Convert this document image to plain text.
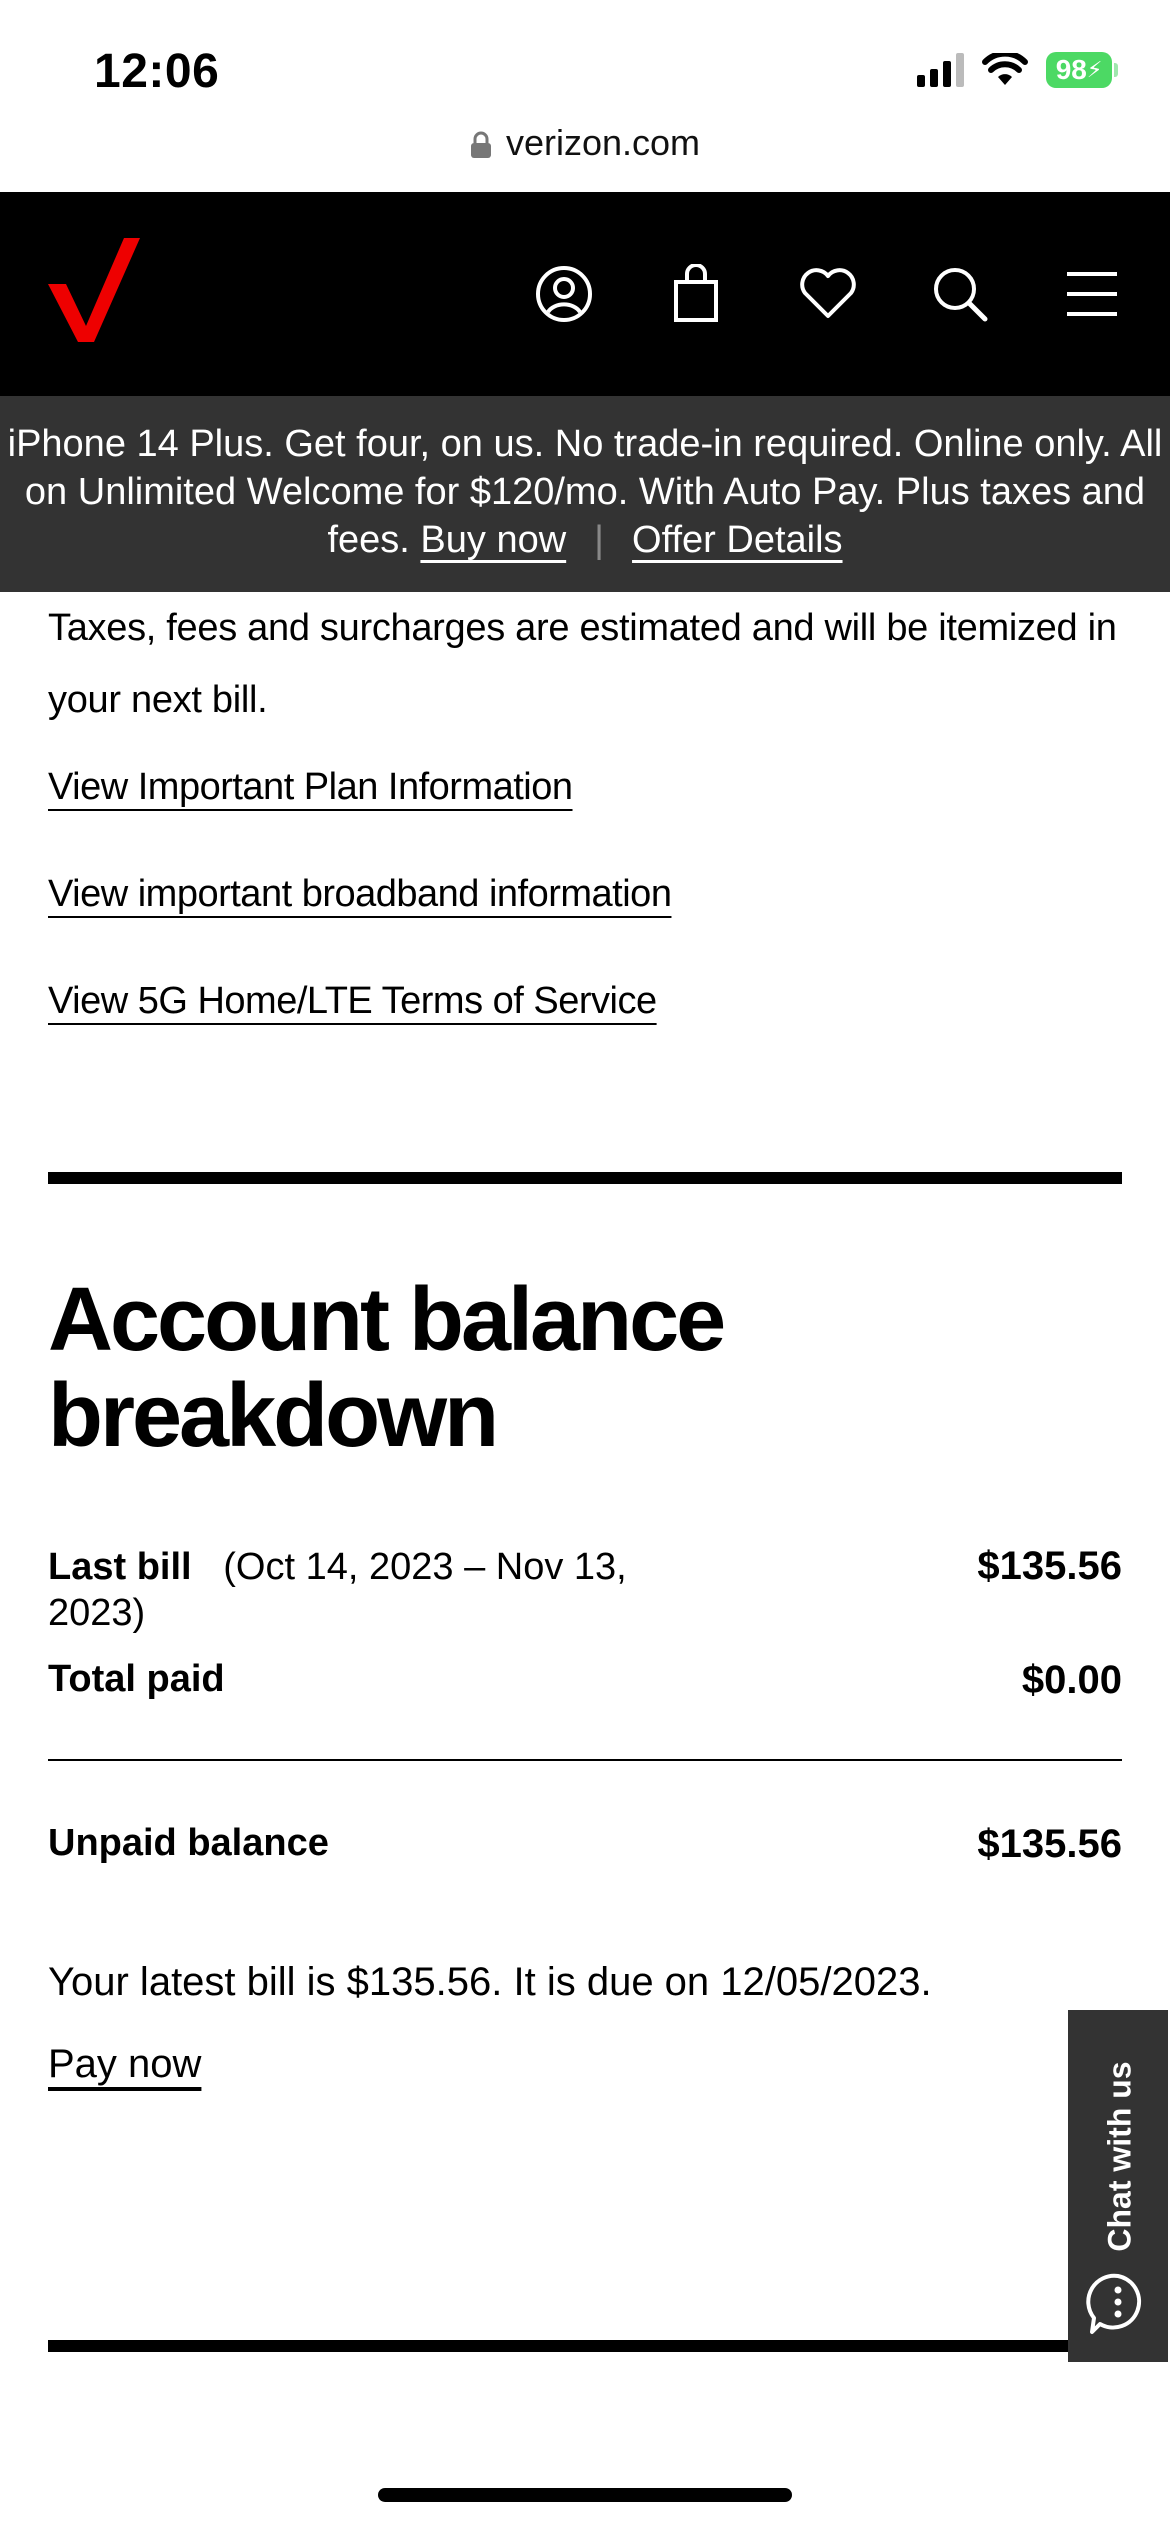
12:06	98 ⚡
verizon.com
iPhone 14 Plus. Get four, on us. No trade-in required. Online only. All on Unlimited Welcome for $120/mo. With Auto Pay. Plus taxes and fees. Buy now | Offer Details

Taxes, fees and surcharges are estimated and will be itemized in your next bill.

View Important Plan Information
View important broadband information
View 5G Home/LTE Terms of Service
Account balance breakdown
Last bill (Oct 14, 2023 – Nov 13, 2023)
$135.56
Total paid	$0.00
Unpaid balance	$135.56

Your latest bill is $135.56. It is due on 12/05/2023.

Pay now	Chat with us
